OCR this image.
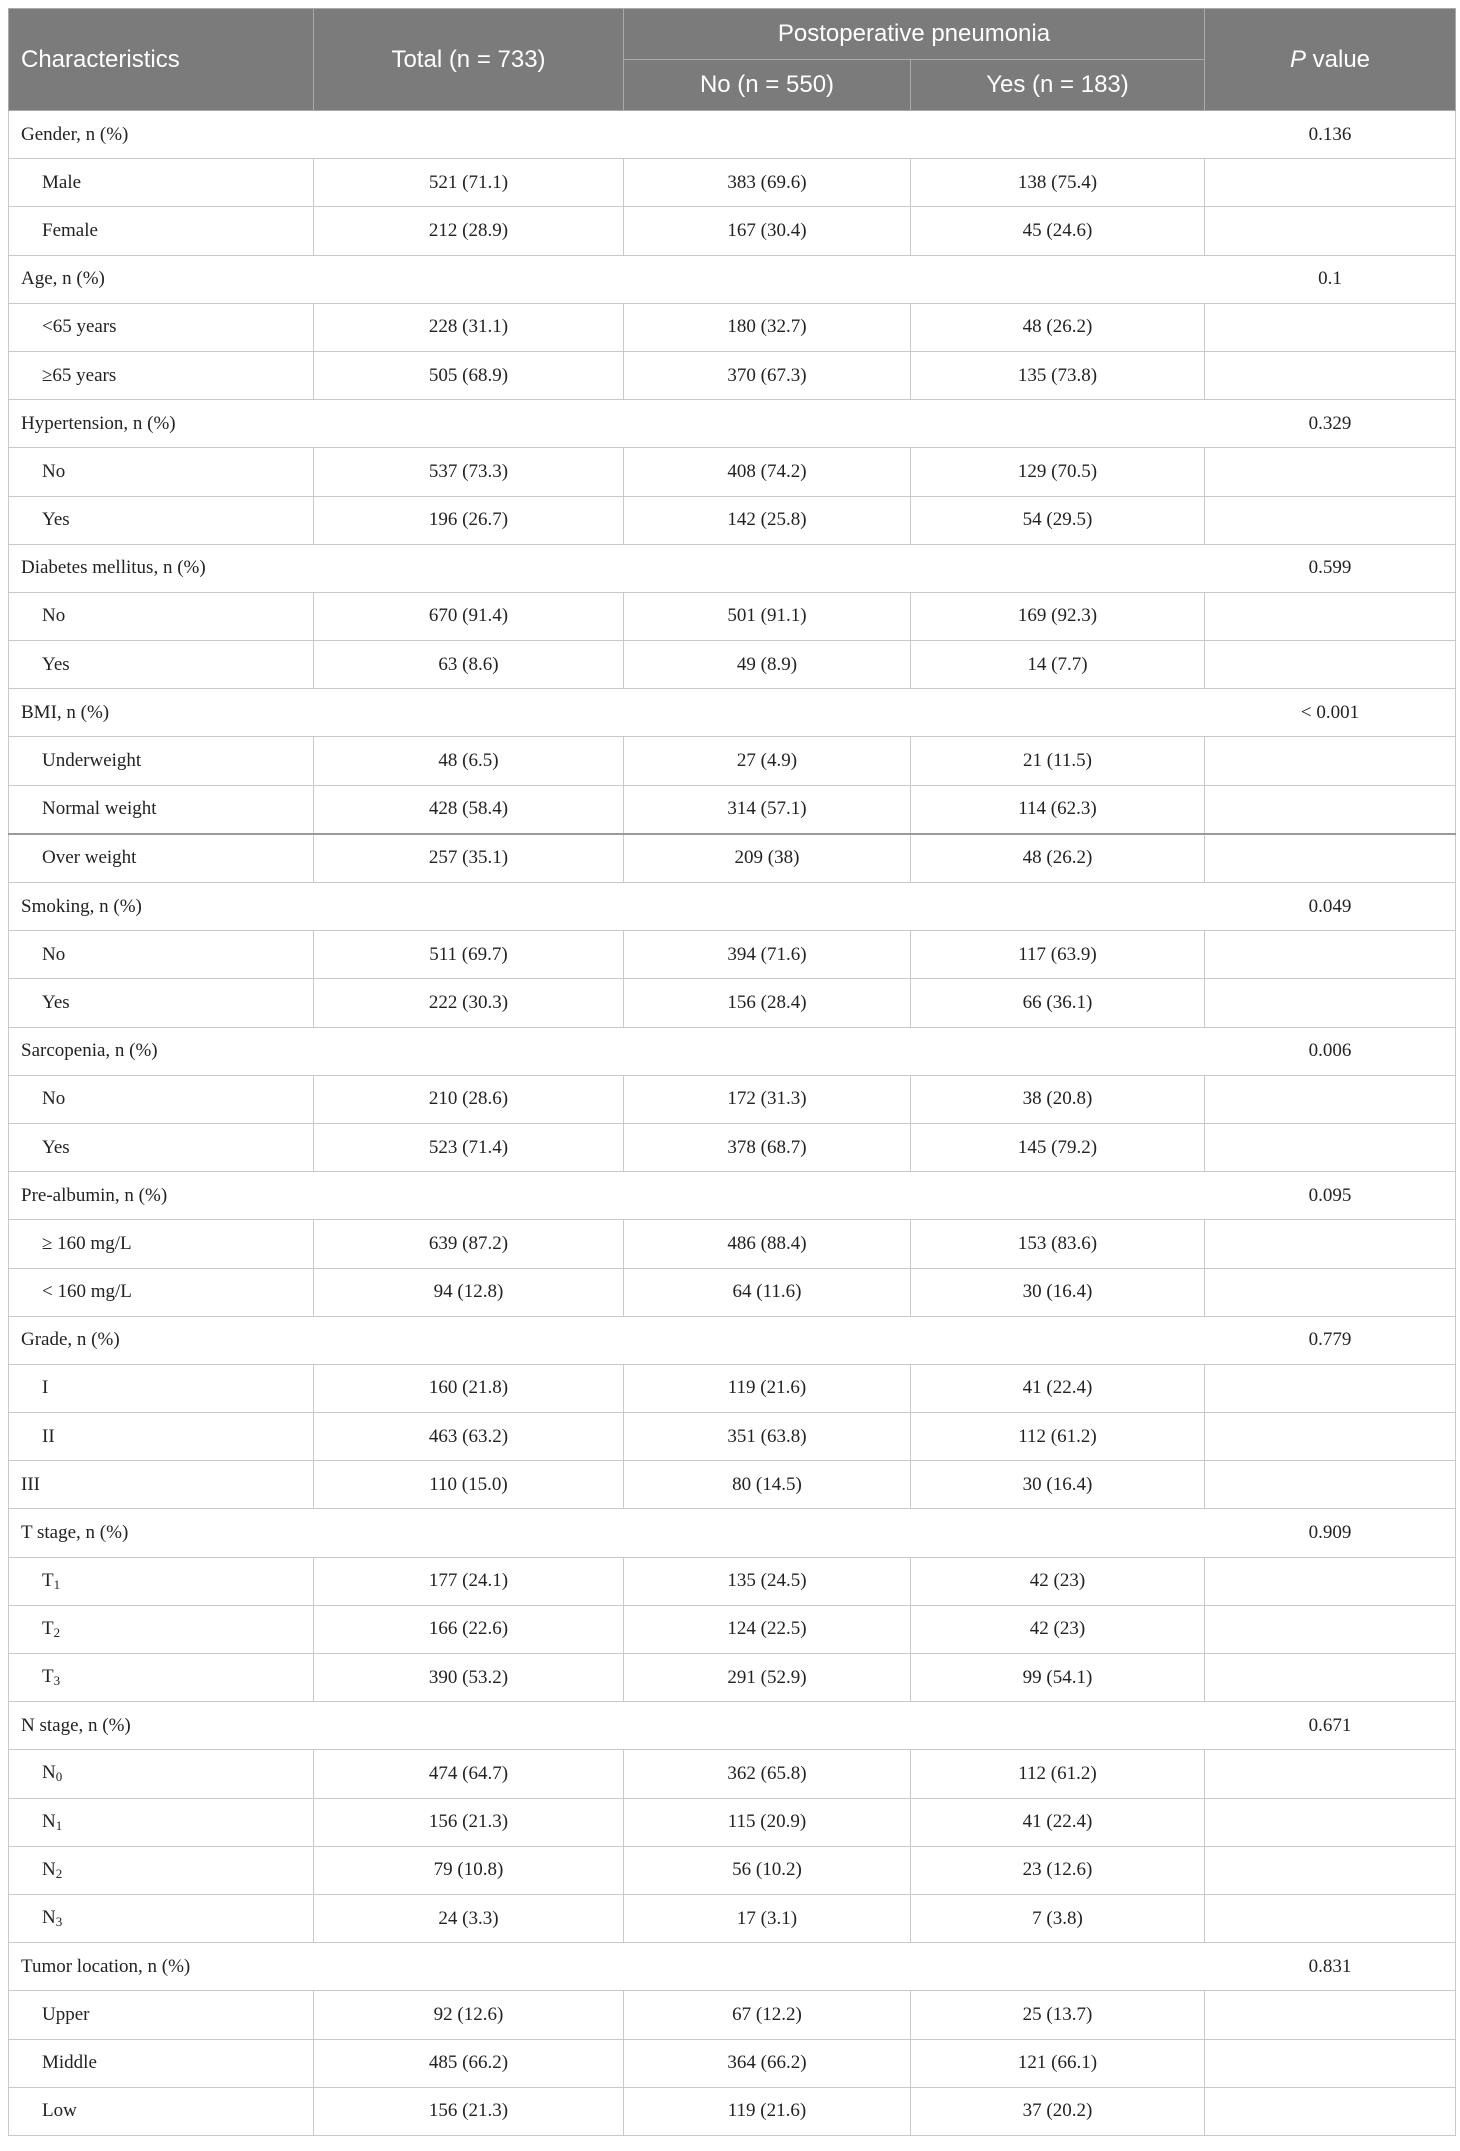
Characteristics	Total (n = 733)	Postoperative pneumonia		P value
		No (n = 550)	Yes (n = 183)	
Gender, n (%)				0.136
Male	521 (71.1)	383 (69.6)	138 (75.4)	
Female	212 (28.9)	167 (30.4)	45 (24.6)	
Age, n (%)				0.1
<65 years	228 (31.1)	180 (32.7)	48 (26.2)	
≥65 years	505 (68.9)	370 (67.3)	135 (73.8)	
Hypertension, n (%)				0.329
No	537 (73.3)	408 (74.2)	129 (70.5)	
Yes	196 (26.7)	142 (25.8)	54 (29.5)	
Diabetes mellitus, n (%)				0.599
No	670 (91.4)	501 (91.1)	169 (92.3)	
Yes	63 (8.6)	49 (8.9)	14 (7.7)	
BMI, n (%)				< 0.001
Underweight	48 (6.5)	27 (4.9)	21 (11.5)	
Normal weight	428 (58.4)	314 (57.1)	114 (62.3)	
Over weight	257 (35.1)	209 (38)	48 (26.2)	
Smoking, n (%)				0.049
No	511 (69.7)	394 (71.6)	117 (63.9)	
Yes	222 (30.3)	156 (28.4)	66 (36.1)	
Sarcopenia, n (%)				0.006
No	210 (28.6)	172 (31.3)	38 (20.8)	
Yes	523 (71.4)	378 (68.7)	145 (79.2)	
Pre-albumin, n (%)				0.095
≥ 160 mg/L	639 (87.2)	486 (88.4)	153 (83.6)	
< 160 mg/L	94 (12.8)	64 (11.6)	30 (16.4)	
Grade, n (%)				0.779
I	160 (21.8)	119 (21.6)	41 (22.4)	
II	463 (63.2)	351 (63.8)	112 (61.2)	
III	110 (15.0)	80 (14.5)	30 (16.4)	
T stage, n (%)				0.909
$T_1$	177 (24.1)	135 (24.5)	42 (23)	
$T_2$	166 (22.6)	124 (22.5)	42 (23)	
$T_3$	390 (53.2)	291 (52.9)	99 (54.1)	
N stage, n (%)				0.671
$N_0$	474 (64.7)	362 (65.8)	112 (61.2)	
$N_1$	156 (21.3)	115 (20.9)	41 (22.4)	
$N_2$	79 (10.8)	56 (10.2)	23 (12.6)	
$N_3$	24 (3.3)	17 (3.1)	7 (3.8)	
Tumor location, n (%)				0.831
Upper	92 (12.6)	67 (12.2)	25 (13.7)	
Middle	485 (66.2)	364 (66.2)	121 (66.1)	
Low	156 (21.3)	119 (21.6)	37 (20.2)	
